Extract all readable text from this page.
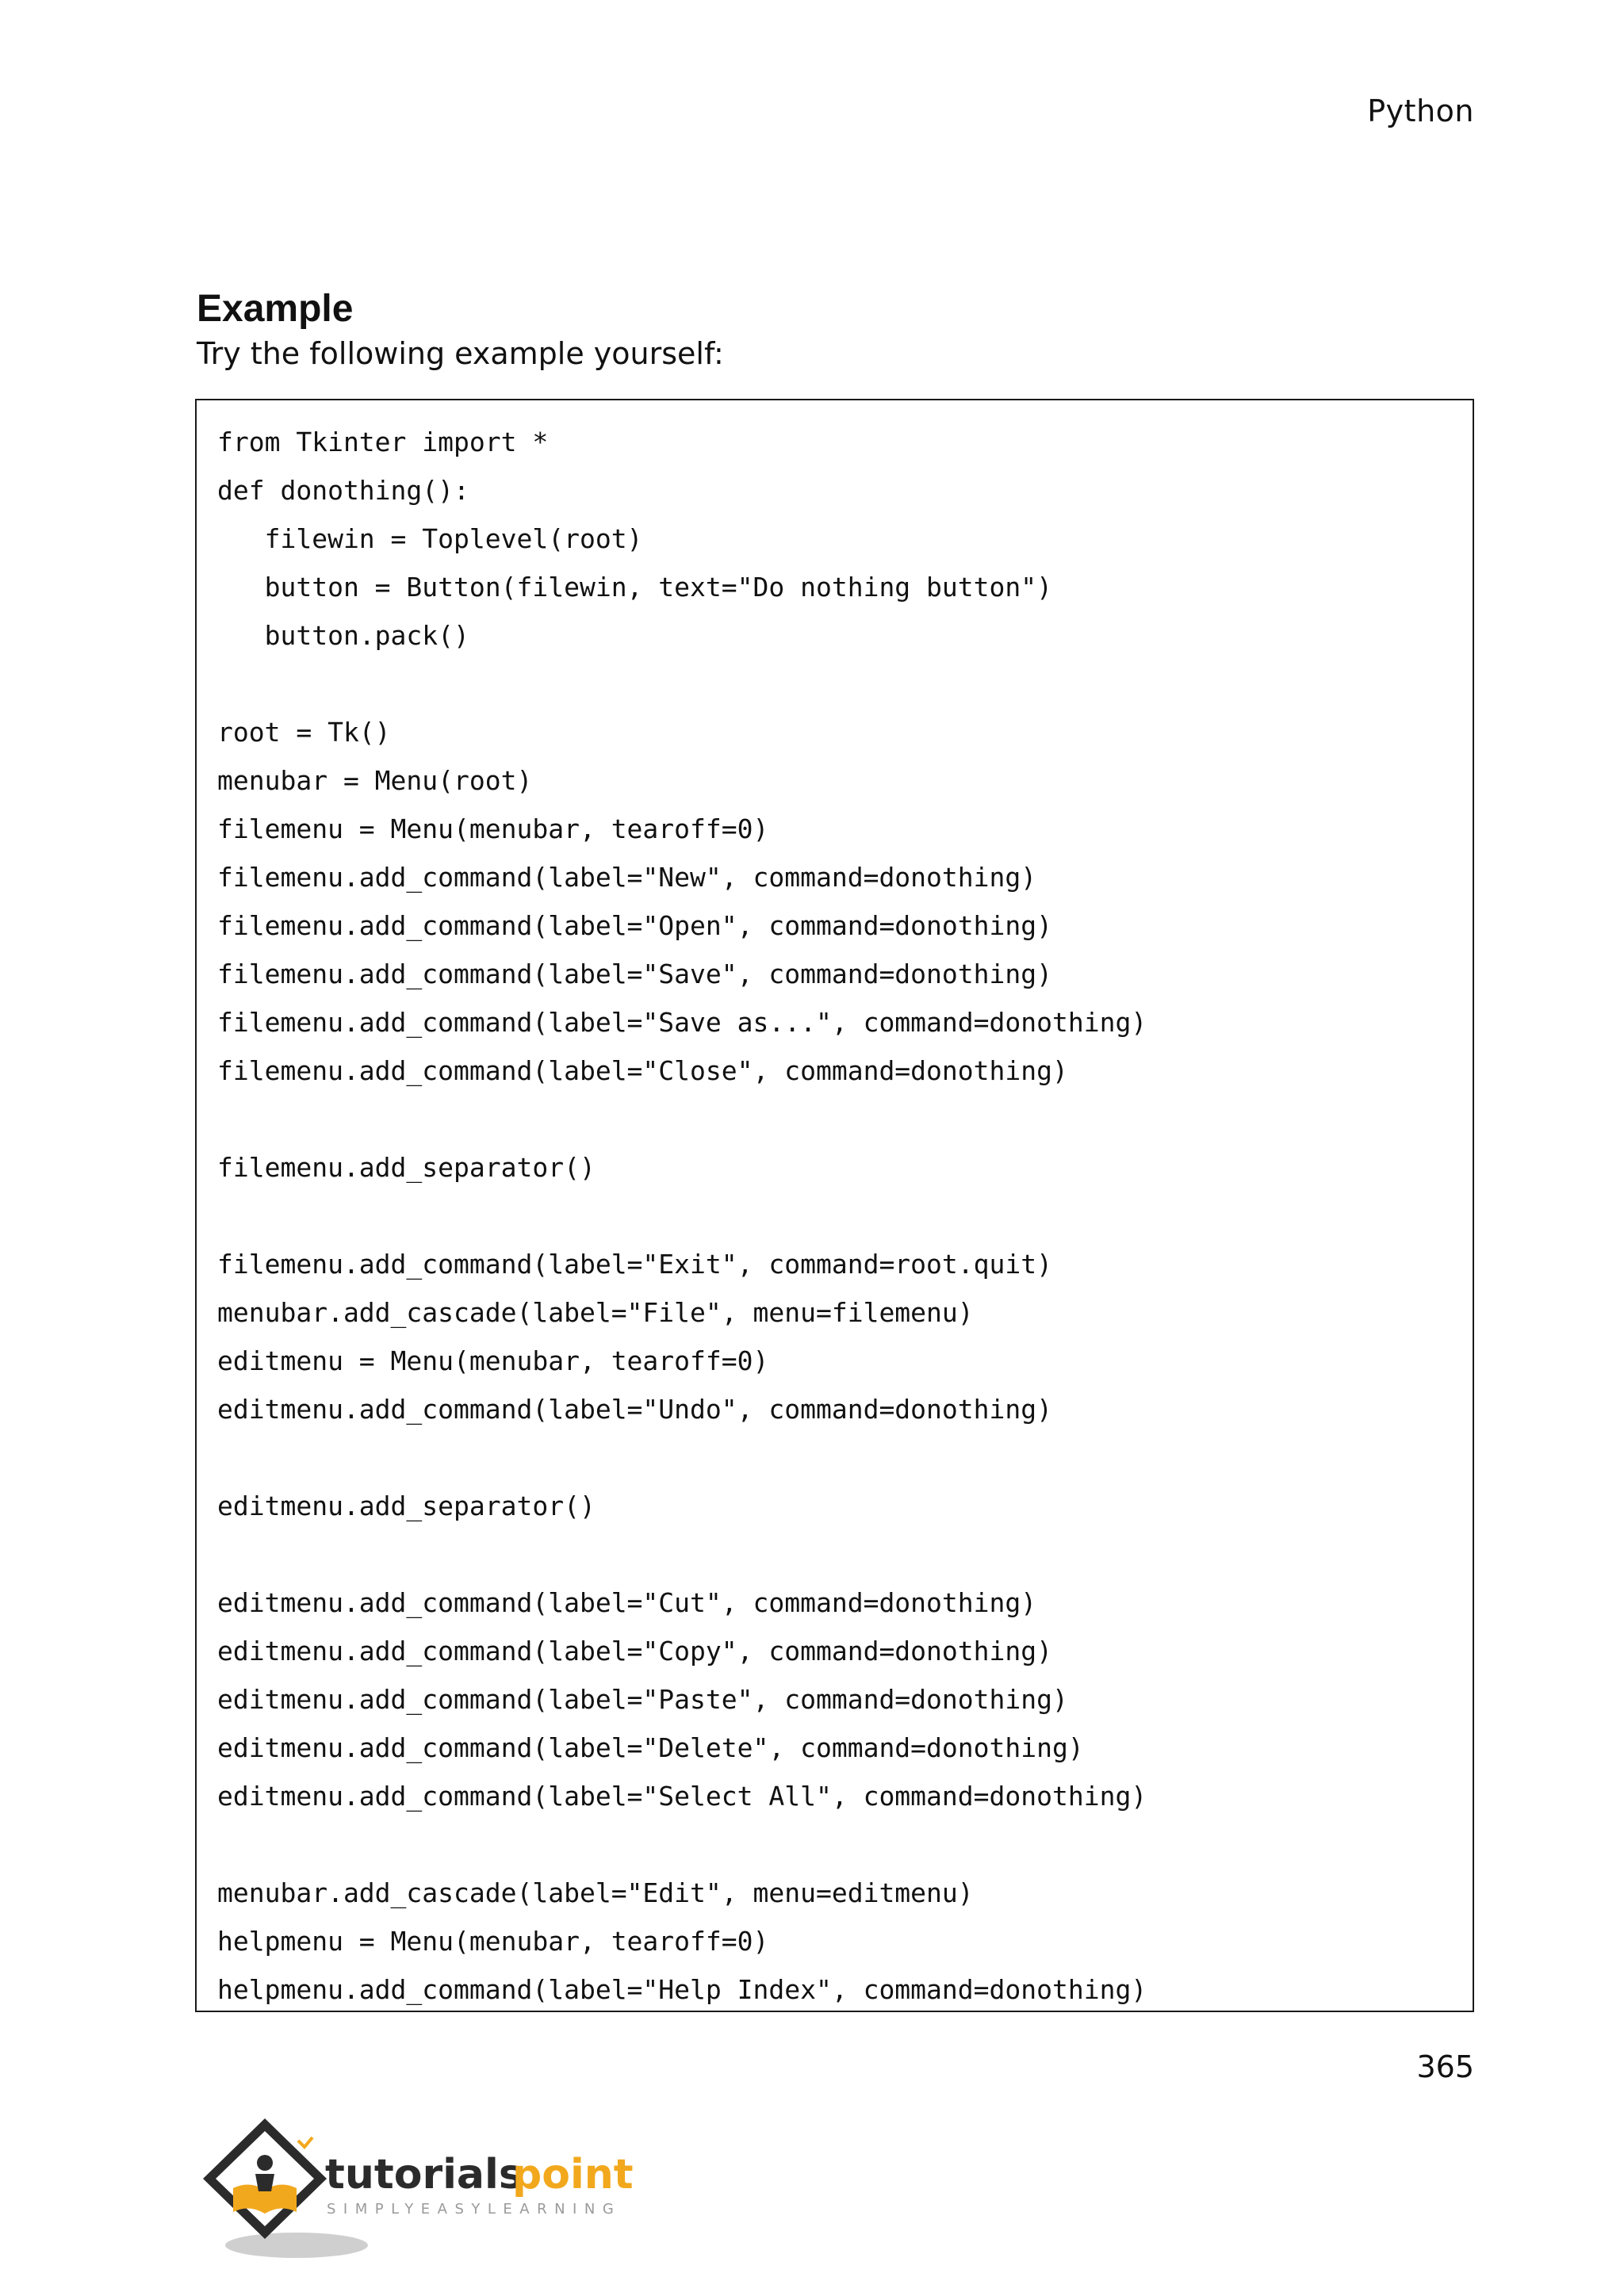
Python
Example
Try the following example yourself:
from Tkinter import *
def donothing():
filewin = Toplevel(root)
button = Button(filewin, text="Do nothing button")
button.pack()
root = Tk()
menubar = Menu(root)
filemenu = Menu(menubar, tearoff=0)
filemenu.add_command(label="New", command=donothing)
filemenu.add_command(label="Open", command=donothing)
filemenu.add_command(label="Save", command=donothing)
filemenu.add_command(label="Save as...", command=donothing)
filemenu.add_command(label="Close", command=donothing)
filemenu.add_separator()
filemenu.add_command(label="Exit", command=root.quit)
menubar.add_cascade(label="File", menu=filemenu)
editmenu = Menu(menubar, tearoff=0)
editmenu.add_command(label="Undo", command=donothing)
editmenu.add_separator()
editmenu.add_command(label="Cut", command=donothing)
editmenu.add_command(label="Copy", command=donothing)
editmenu.add_command(label="Paste", command=donothing)
editmenu.add_command(label="Delete", command=donothing)
editmenu.add_command(label="Select All", command=donothing)
menubar.add_cascade(label="Edit", menu=editmenu)
helpmenu = Menu(menubar, tearoff=0)
helpmenu.add_command(label="Help Index", command=donothing)
365
tutorials
point
SIMPLYEASYLEARNING
